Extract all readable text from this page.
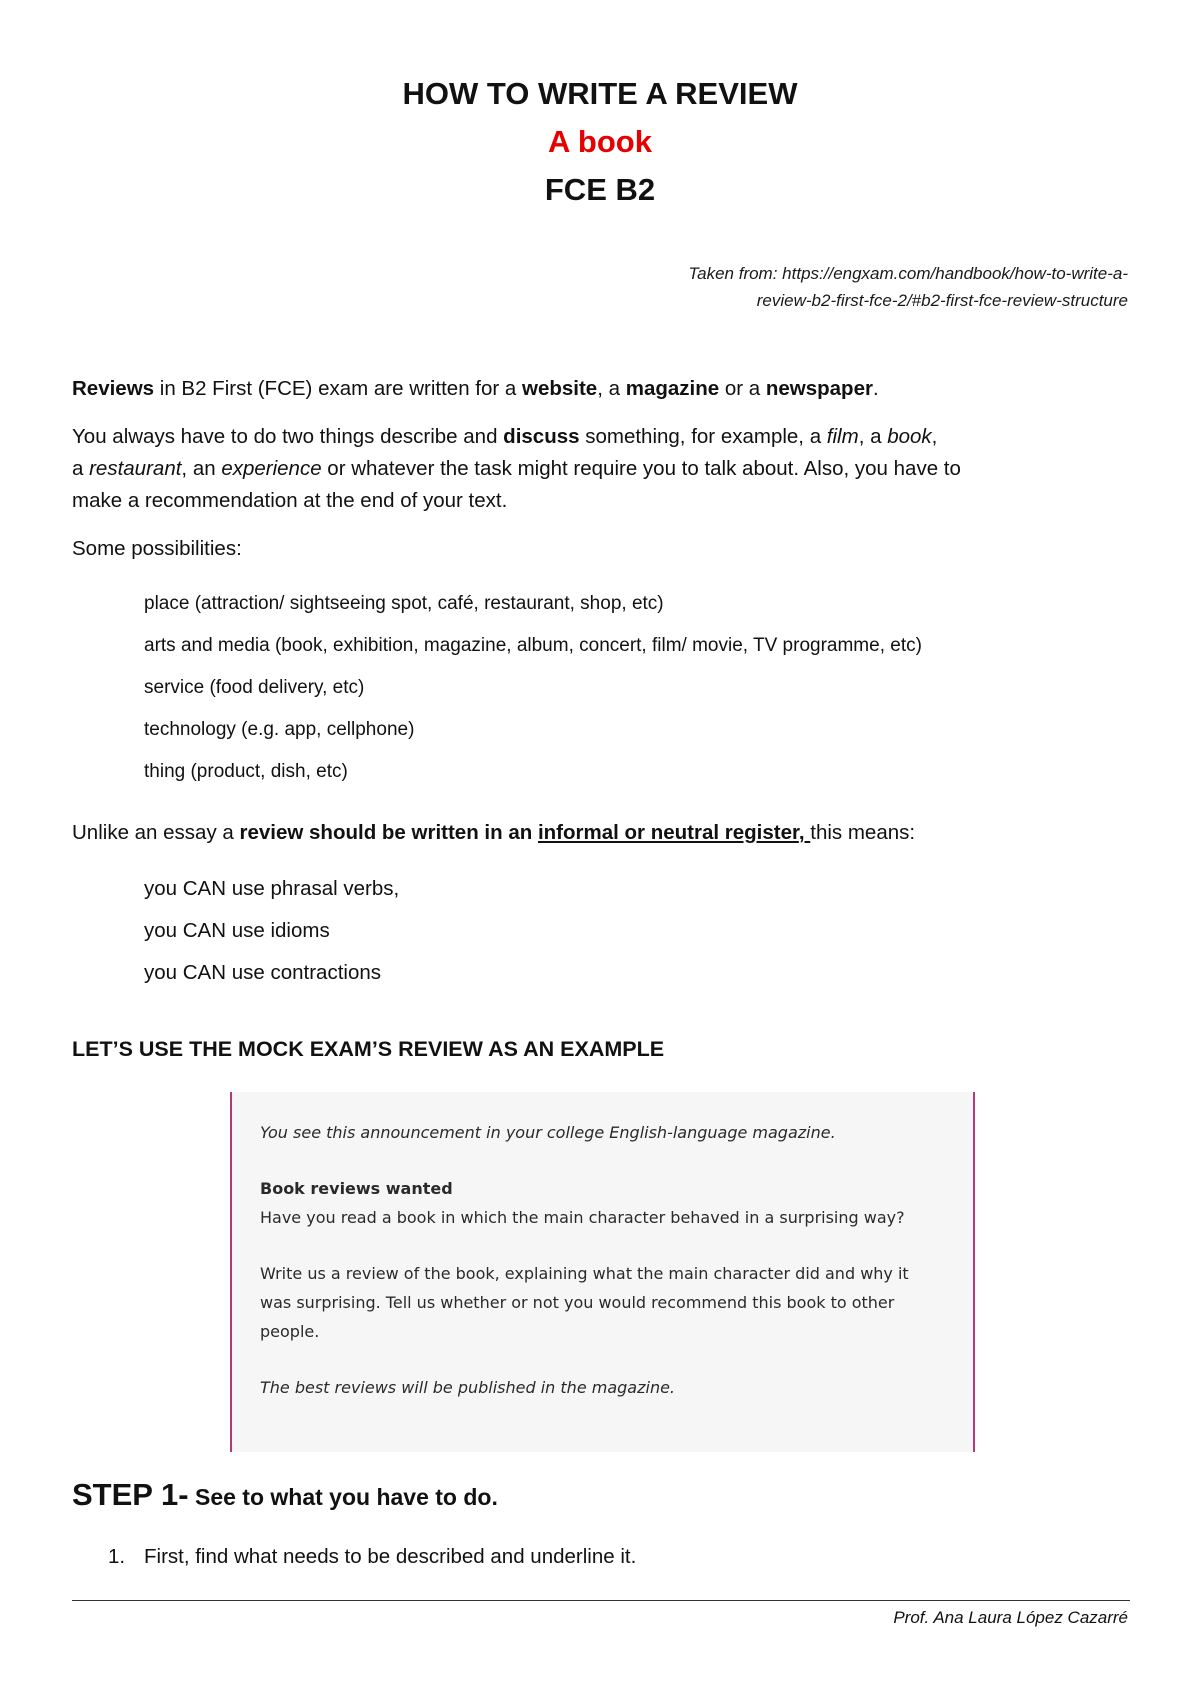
HOW TO WRITE A REVIEW
A book
FCE B2
Taken from: https://engxam.com/handbook/how-to-write-a-
review-b2-first-fce-2/#b2-first-fce-review-structure
Reviews in B2 First (FCE) exam are written for a website, a magazine or a newspaper.
You always have to do two things describe and discuss something, for example, a film, a book,
a restaurant, an experience or whatever the task might require you to talk about. Also, you have to
make a recommendation at the end of your text.
Some possibilities:
place (attraction/ sightseeing spot, café, restaurant, shop, etc)
arts and media (book, exhibition, magazine, album, concert, film/ movie, TV programme, etc)
service (food delivery, etc)
technology (e.g. app, cellphone)
thing (product, dish, etc)
Unlike an essay a review should be written in an informal or neutral register, this means:
you CAN use phrasal verbs,
you CAN use idioms
you CAN use contractions
LET’S USE THE MOCK EXAM’S REVIEW AS AN EXAMPLE
You see this announcement in your college English-language magazine.
Book reviews wanted
Have you read a book in which the main character behaved in a surprising way?
Write us a review of the book, explaining what the main character did and why it
was surprising. Tell us whether or not you would recommend this book to other
people.
The best reviews will be published in the magazine.
STEP 1- See to what you have to do.
1. First, find what needs to be described and underline it.
Prof. Ana Laura López Cazarré
